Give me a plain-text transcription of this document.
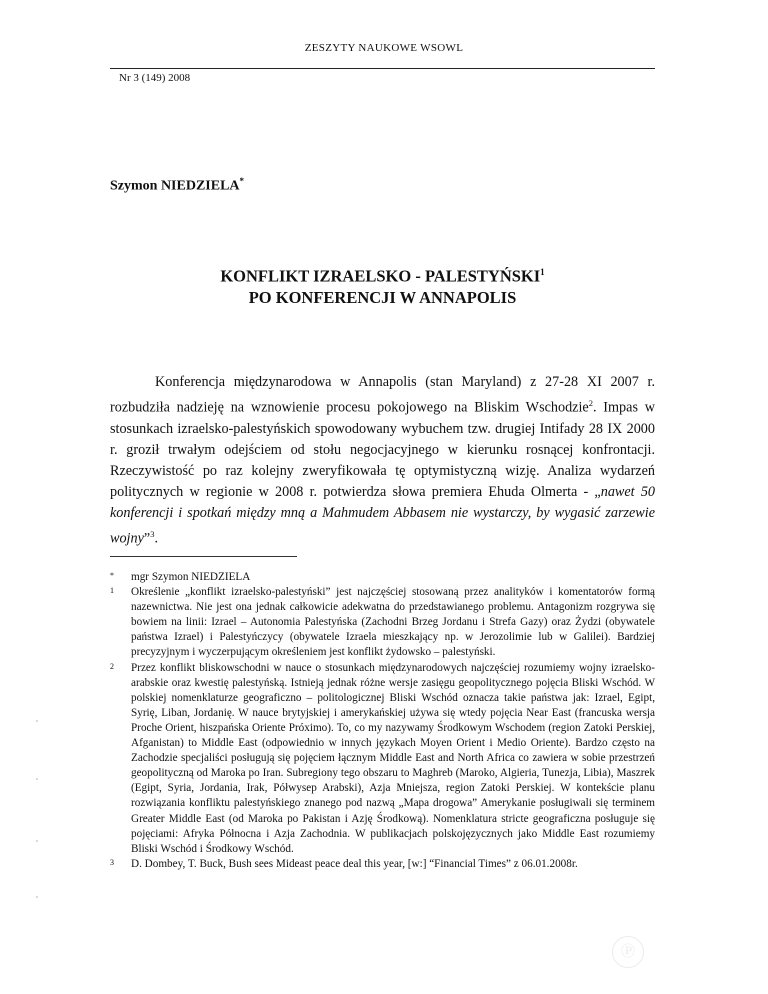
ZESZYTY NAUKOWE WSOWL
Nr 3 (149) 2008
Szymon NIEDZIELA*
KONFLIKT IZRAELSKO - PALESTYŃSKI$^1$
PO KONFERENCJI W ANNAPOLIS

Konferencja międzynarodowa w Annapolis (stan Maryland) z 27-28 XI 2007 r. rozbudziła nadzieję na wznowienie procesu pokojowego na Bliskim Wschodzie$^2$. Impas w stosunkach izraelsko-palestyńskich spowodowany wybuchem tzw. drugiej Intifady 28 IX 2000 r. groził trwałym odejściem od stołu negocjacyjnego w kierunku rosnącej konfrontacji. Rzeczywistość po raz kolejny zweryfikowała tę optymistyczną wizję. Analiza wydarzeń politycznych w regionie w 2008 r. potwierdza słowa premiera Ehuda Olmerta - „nawet 50 konferencji i spotkań między mną a Mahmudem Abbasem nie wystarczy, by wygasić zarzewie wojny”$^3$.

* mgr Szymon NIEDZIELA
1 Określenie „konflikt izraelsko-palestyński” jest najczęściej stosowaną przez analityków i komentatorów formą nazewnictwa. Nie jest ona jednak całkowicie adekwatna do przedstawianego problemu. Antagonizm rozgrywa się bowiem na linii: Izrael – Autonomia Palestyńska (Zachodni Brzeg Jordanu i Strefa Gazy) oraz Żydzi (obywatele państwa Izrael) i Palestyńczycy (obywatele Izraela mieszkający np. w Jerozolimie lub w Galilei). Bardziej precyzyjnym i wyczerpującym określeniem jest konflikt żydowsko – palestyński.
2 Przez konflikt bliskowschodni w nauce o stosunkach międzynarodowych najczęściej rozumiemy wojny izraelsko-arabskie oraz kwestię palestyńską. Istnieją jednak różne wersje zasięgu geopolitycznego pojęcia Bliski Wschód. W polskiej nomenklaturze geograficzno – politologicznej Bliski Wschód oznacza takie państwa jak: Izrael, Egipt, Syrię, Liban, Jordanię. W nauce brytyjskiej i amerykańskiej używa się wtedy pojęcia Near East (francuska wersja Proche Orient, hiszpańska Oriente Próximo). To, co my nazywamy Środkowym Wschodem (region Zatoki Perskiej, Afganistan) to Middle East (odpowiednio w innych językach Moyen Orient i Medio Oriente). Bardzo często na Zachodzie specjaliści posługują się pojęciem łącznym Middle East and North Africa co zawiera w sobie przestrzeń geopolityczną od Maroka po Iran. Subregiony tego obszaru to Maghreb (Maroko, Algieria, Tunezja, Libia), Maszrek (Egipt, Syria, Jordania, Irak, Półwysep Arabski), Azja Mniejsza, region Zatoki Perskiej. W kontekście planu rozwiązania konfliktu palestyńskiego znanego pod nazwą „Mapa drogowa” Amerykanie posługiwali się terminem Greater Middle East (od Maroka po Pakistan i Azję Środkową). Nomenklatura stricte geograficzna posługuje się pojęciami: Afryka Północna i Azja Zachodnia. W publikacjach polskojęzycznych jako Middle East rozumiemy Bliski Wschód i Środkowy Wschód.
3 D. Dombey, T. Buck, Bush sees Mideast peace deal this year, [w:] “Financial Times” z 06.01.2008r.
Ⓟ
